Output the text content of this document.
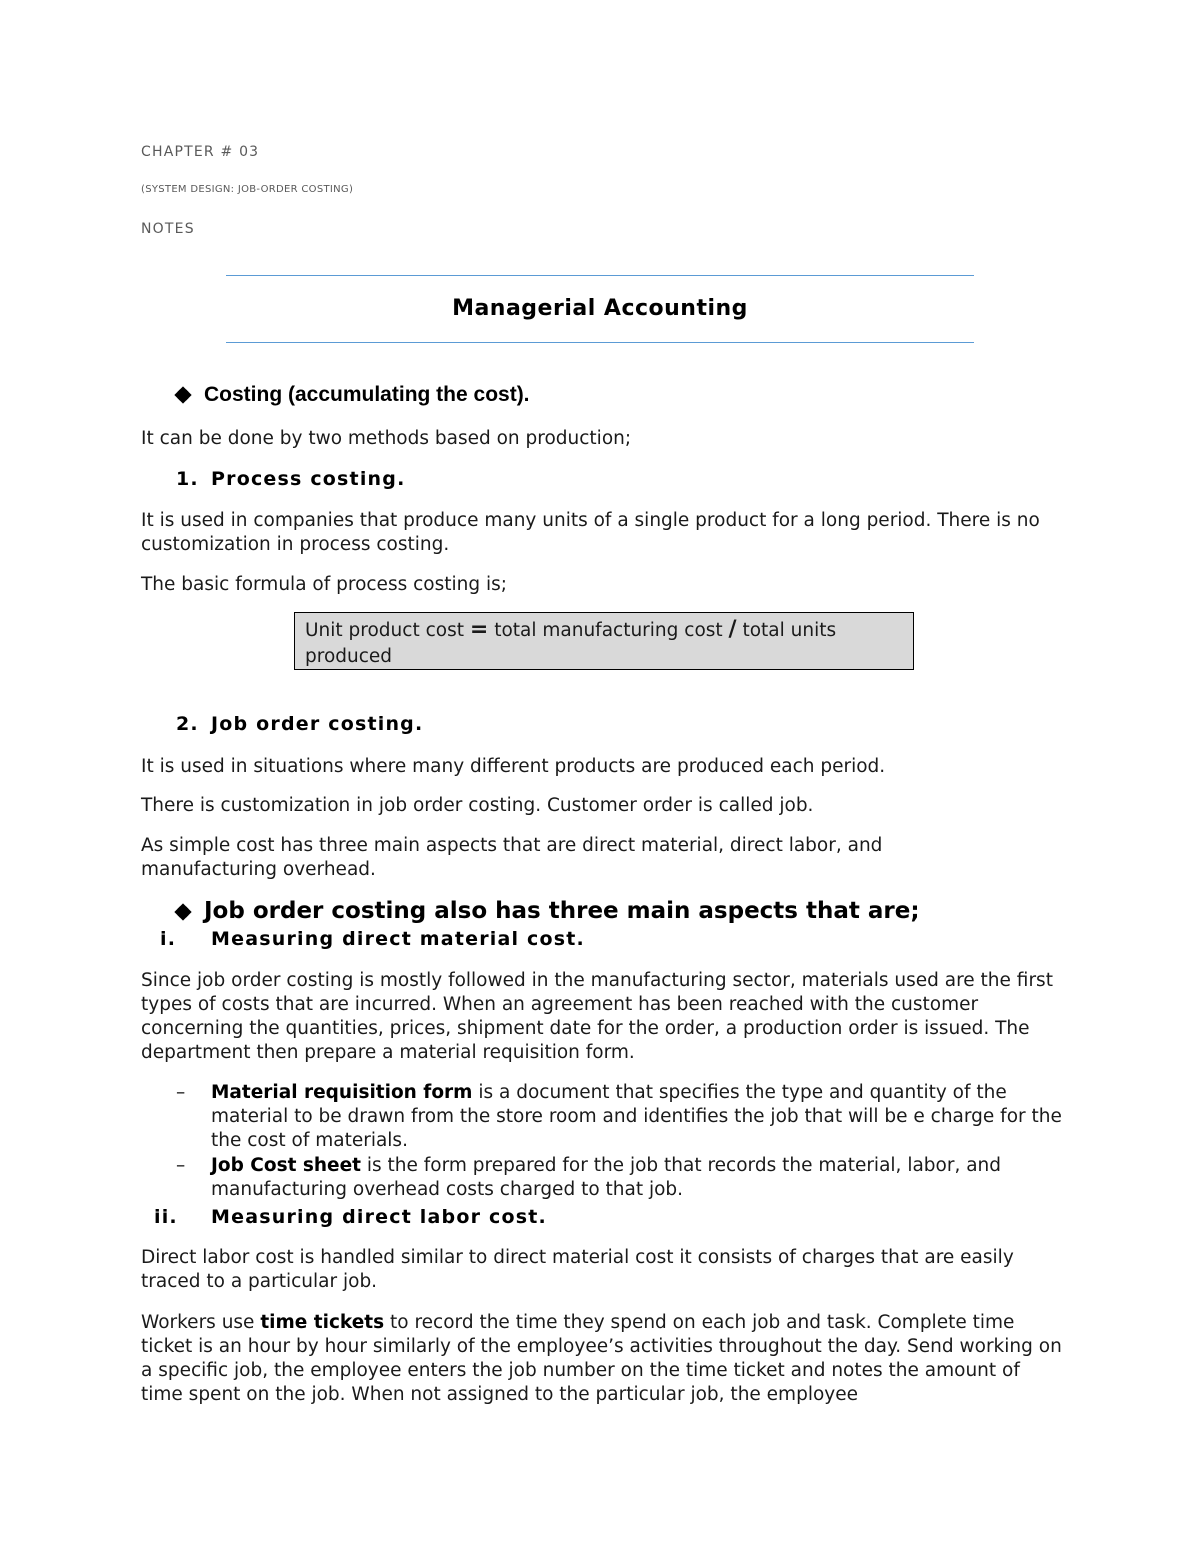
CHAPTER # 03
(SYSTEM DESIGN: JOB-ORDER COSTING)
NOTES
Managerial Accounting
Costing (accumulating the cost).
It can be done by two methods based on production;
1. Process costing.
It is used in companies that produce many units of a single product for a long period. There is no customization in process costing.
The basic formula of process costing is;
Unit product cost = total manufacturing cost / total units
produced
2. Job order costing.
It is used in situations where many different products are produced each period.
There is customization in job order costing. Customer order is called job.
As simple cost has three main aspects that are direct material, direct labor, and manufacturing overhead.
Job order costing also has three main aspects that are;
i. Measuring direct material cost.
Since job order costing is mostly followed in the manufacturing sector, materials used are the first types of costs that are incurred. When an agreement has been reached with the customer concerning the quantities, prices, shipment date for the order, a production order is issued. The department then prepare a material requisition form.
– Material requisition form is a document that specifies the type and quantity of the material to be drawn from the store room and identifies the job that will be e charge for the the cost of materials.
– Job Cost sheet is the form prepared for the job that records the material, labor, and manufacturing overhead costs charged to that job.
ii. Measuring direct labor cost.
Direct labor cost is handled similar to direct material cost it consists of charges that are easily traced to a particular job.
Workers use time tickets to record the time they spend on each job and task. Complete time ticket is an hour by hour similarly of the employee’s activities throughout the day. Send working on a specific job, the employee enters the job number on the time ticket and notes the amount of time spent on the job. When not assigned to the particular job, the employee
